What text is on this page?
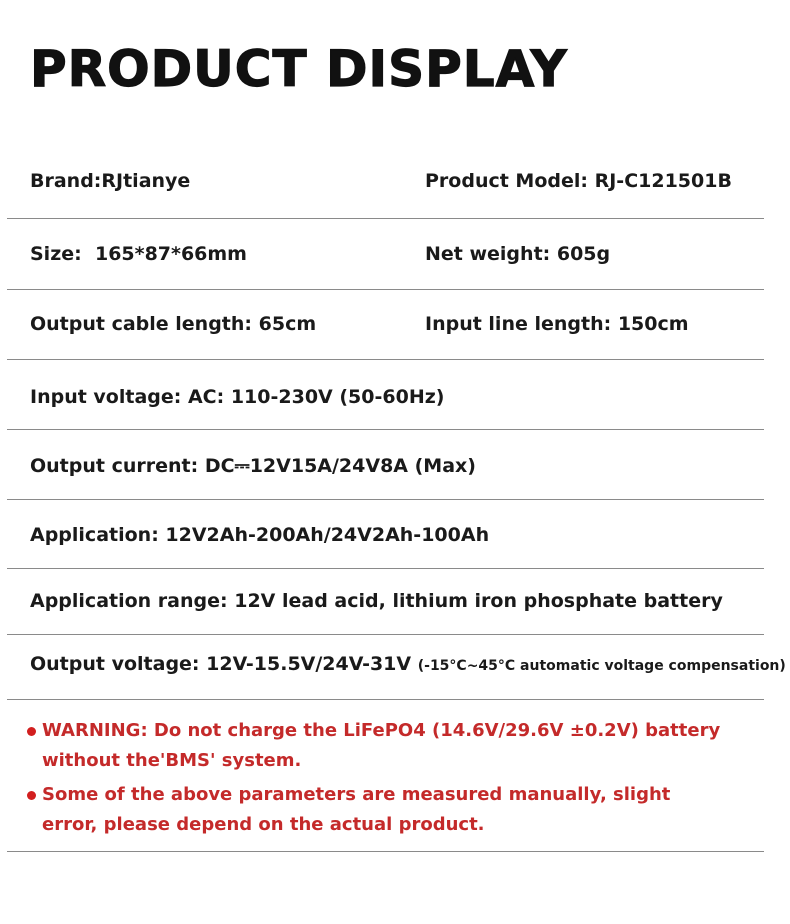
PRODUCT DISPLAY
Brand:RJtianye	Product Model: RJ-C121501B
Size:  165*87*66mm	Net weight: 605g
Output cable length: 65cm	Input line length: 150cm
Input voltage: AC: 110-230V (50-60Hz)
Output current: DC⎓12V15A/24V8A (Max)
Application: 12V2Ah-200Ah/24V2Ah-100Ah
Application range: 12V lead acid, lithium iron phosphate battery
Output voltage: 12V-15.5V/24V-31V (-15°C~45°C automatic voltage compensation)
WARNING: Do not charge the LiFePO4 (14.6V/29.6V ±0.2V) battery without the'BMS' system.
Some of the above parameters are measured manually, slight error, please depend on the actual product.
